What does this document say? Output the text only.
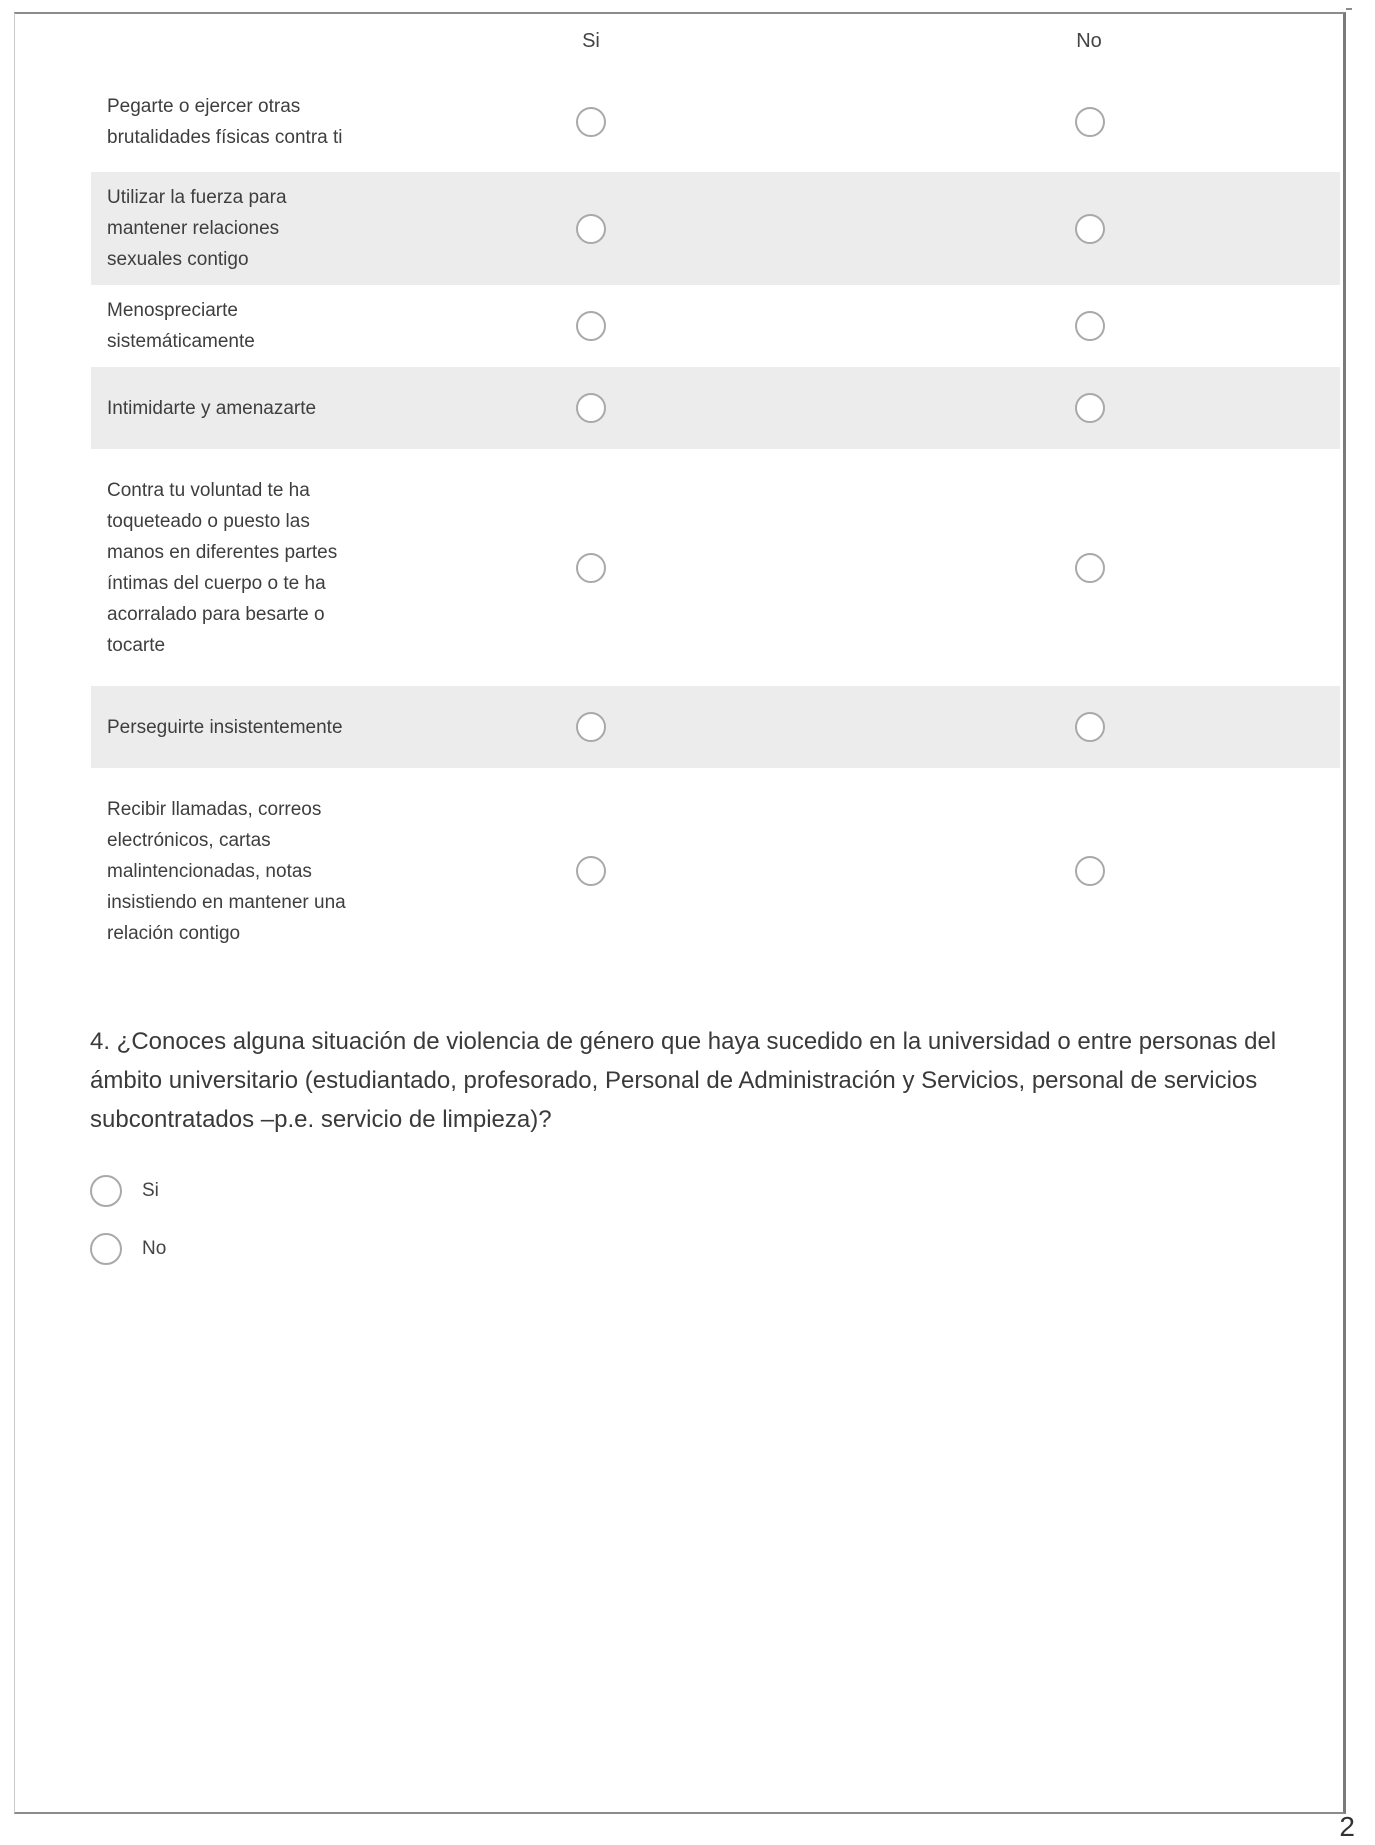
Si	No
Pegarte o ejercer otras brutalidades físicas contra ti
Utilizar la fuerza para mantener relaciones sexuales contigo
Menospreciarte sistemáticamente
Intimidarte y amenazarte
Contra tu voluntad te ha toqueteado o puesto las manos en diferentes partes íntimas del cuerpo o te ha acorralado para besarte o tocarte
Perseguirte insistentemente
Recibir llamadas, correos electrónicos, cartas malintencionadas, notas insistiendo en mantener una relación contigo
4. ¿Conoces alguna situación de violencia de género que haya sucedido en la universidad o entre personas del ámbito universitario (estudiantado, profesorado, Personal de Administración y Servicios, personal de servicios subcontratados –p.e. servicio de limpieza)?
Si
No
2
